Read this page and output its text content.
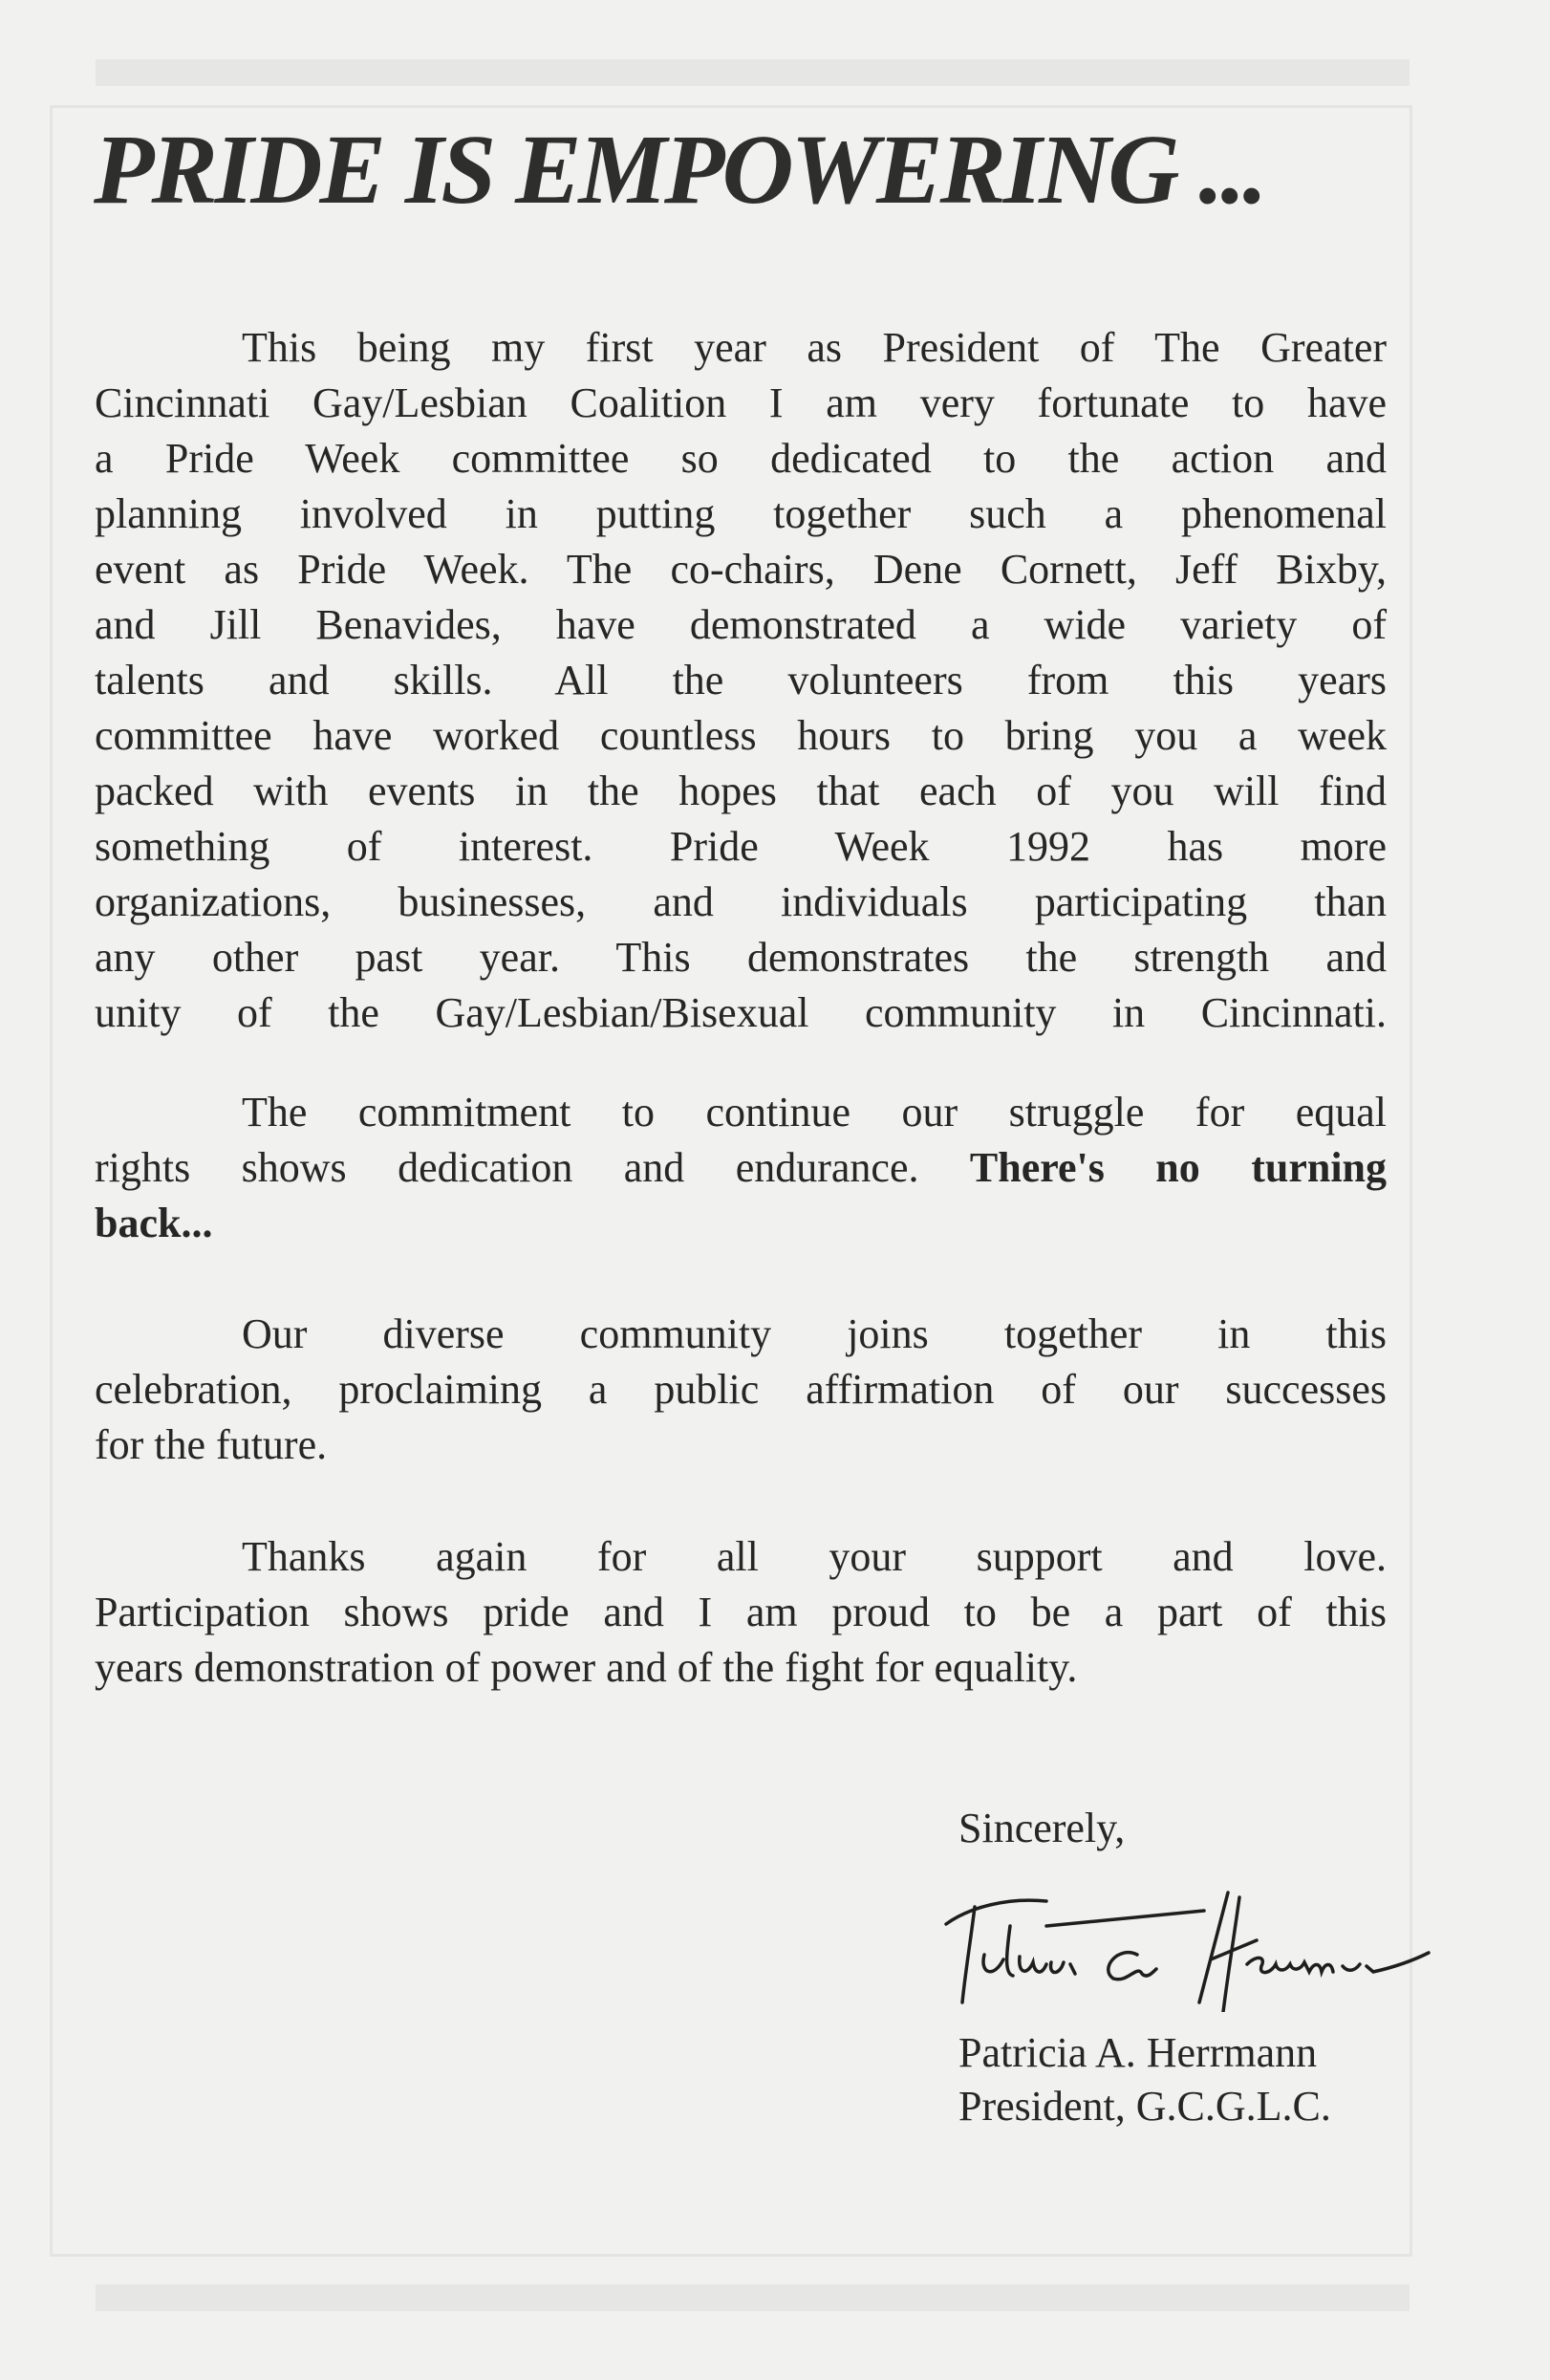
PRIDE IS EMPOWERING ...
This being my first year as President of The Greater
Cincinnati Gay/Lesbian Coalition I am very fortunate to have
a Pride Week committee so dedicated to the action and
planning involved in putting together such a phenomenal
event as Pride Week. The co-chairs, Dene Cornett, Jeff Bixby,
and Jill Benavides, have demonstrated a wide variety of
talents and skills. All the volunteers from this years
committee have worked countless hours to bring you a week
packed with events in the hopes that each of you will find
something of interest. Pride Week 1992 has more
organizations, businesses, and individuals participating than
any other past year. This demonstrates the strength and
unity of the Gay/Lesbian/Bisexual community in Cincinnati.
The commitment to continue our struggle for equal
rights shows dedication and endurance. There's no turning
back...
Our diverse community joins together in this
celebration, proclaiming a public affirmation of our successes
for the future.
Thanks again for all your support and love.
Participation shows pride and I am proud to be a part of this
years demonstration of power and of the fight for equality.
Sincerely,
Patricia A. Herrmann
President, G.C.G.L.C.
